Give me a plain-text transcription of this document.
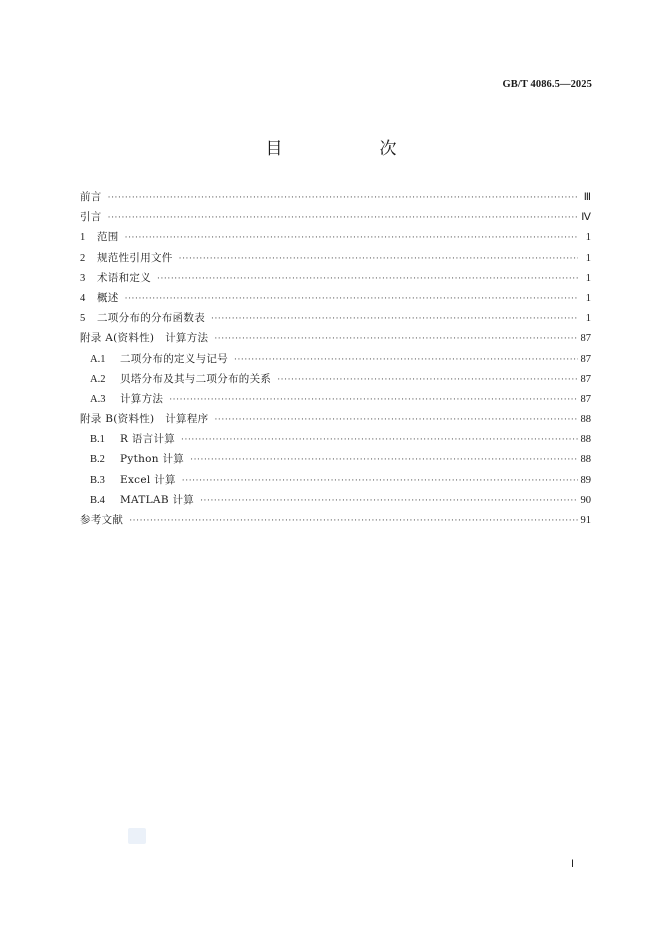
GB/T 4086.5—2025
目　次
前言 ·····	Ⅲ
引言 ·····	Ⅳ
1	范围 ·····	1
2	规范性引用文件 ·····	1
3	术语和定义 ·····	1
4	概述 ·····	1
5	二项分布的分布函数表 ·····	1
附录 A(资料性)　计算方法 ·····	87
A.1	二项分布的定义与记号 ·····	87
A.2	贝塔分布及其与二项分布的关系 ·····	87
A.3	计算方法 ·····	87
附录 B(资料性)　计算程序 ·····	88
B.1	R 语言计算 ·····	88
B.2	Python 计算 ·····	88
B.3	Excel 计算 ·····	89
B.4	MATLAB 计算 ·····	90
参考文献 ·····	91
Ⅰ
